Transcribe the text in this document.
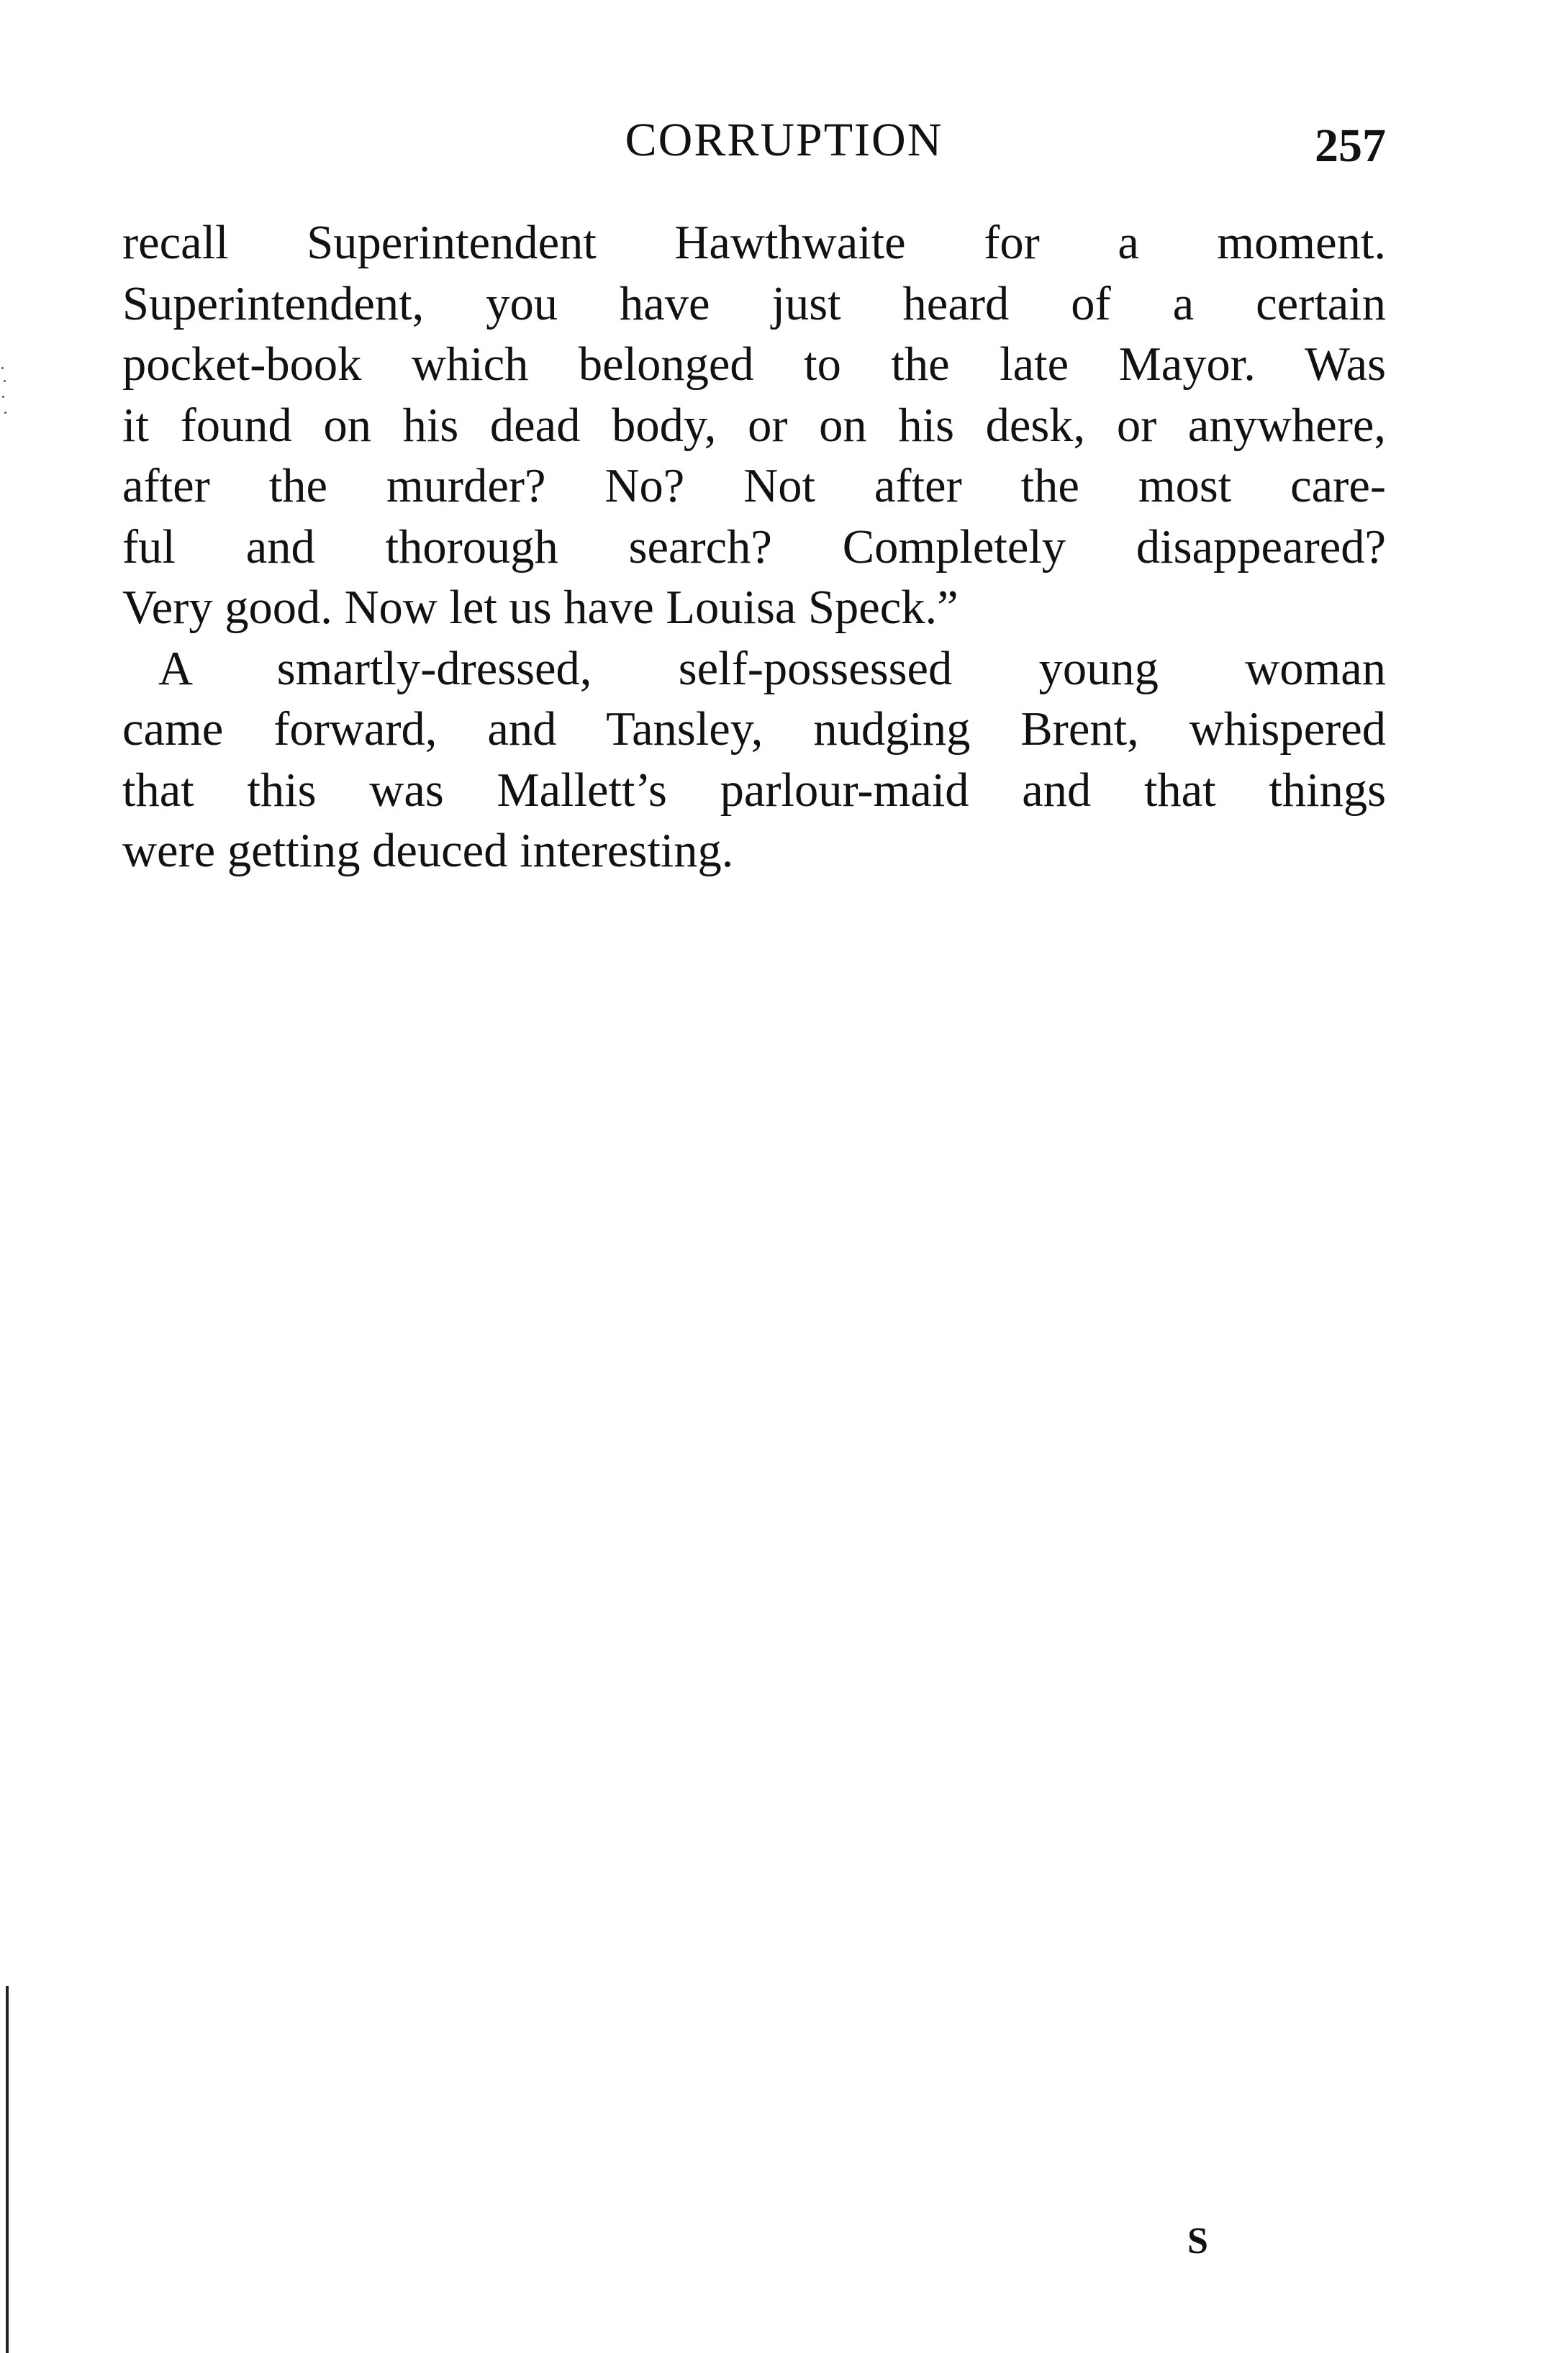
CORRUPTION	257
recall Superintendent Hawthwaite for a moment.
Superintendent, you have just heard of a certain
pocket-book which belonged to the late Mayor. Was
it found on his dead body, or on his desk, or anywhere,
after the murder? No? Not after the most care-
ful and thorough search? Completely disappeared?
Very good. Now let us have Louisa Speck.”
A smartly-dressed, self-possessed young woman
came forward, and Tansley, nudging Brent, whispered
that this was Mallett’s parlour-maid and that things
were getting deuced interesting.
S
